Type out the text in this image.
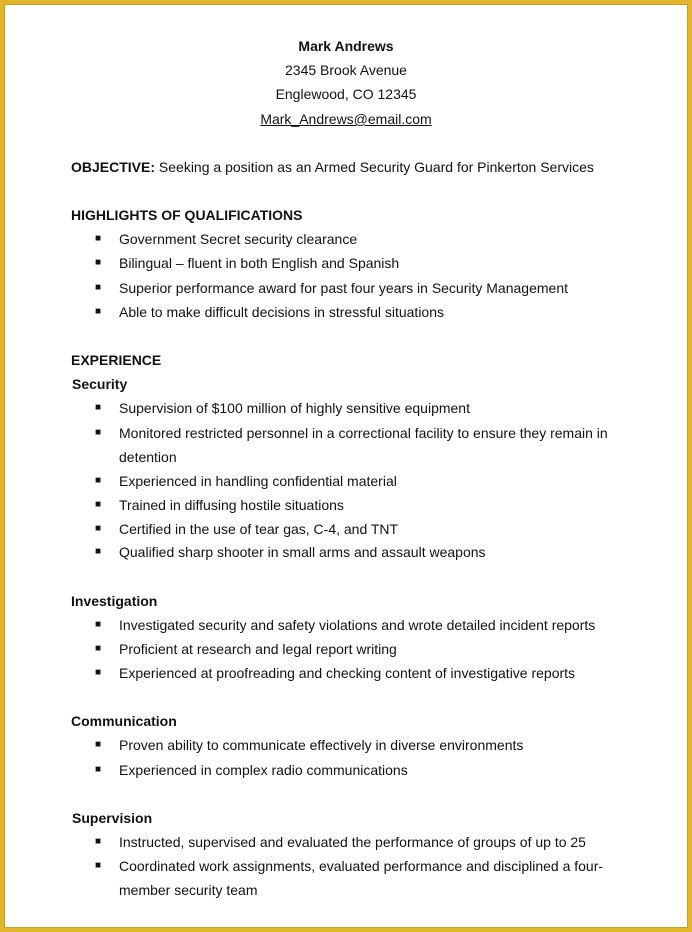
Mark Andrews
2345 Brook Avenue
Englewood, CO 12345
Mark_Andrews@email.com
OBJECTIVE: Seeking a position as an Armed Security Guard for Pinkerton Services
HIGHLIGHTS OF QUALIFICATIONS
■ Government Secret security clearance
■ Bilingual – fluent in both English and Spanish
■ Superior performance award for past four years in Security Management
■ Able to make difficult decisions in stressful situations
EXPERIENCE
Security
■ Supervision of $100 million of highly sensitive equipment
■ Monitored restricted personnel in a correctional facility to ensure they remain in detention
■ Experienced in handling confidential material
■ Trained in diffusing hostile situations
■ Certified in the use of tear gas, C-4, and TNT
■ Qualified sharp shooter in small arms and assault weapons
Investigation
■ Investigated security and safety violations and wrote detailed incident reports
■ Proficient at research and legal report writing
■ Experienced at proofreading and checking content of investigative reports
Communication
■ Proven ability to communicate effectively in diverse environments
■ Experienced in complex radio communications
Supervision
■ Instructed, supervised and evaluated the performance of groups of up to 25
■ Coordinated work assignments, evaluated performance and disciplined a four-member security team
